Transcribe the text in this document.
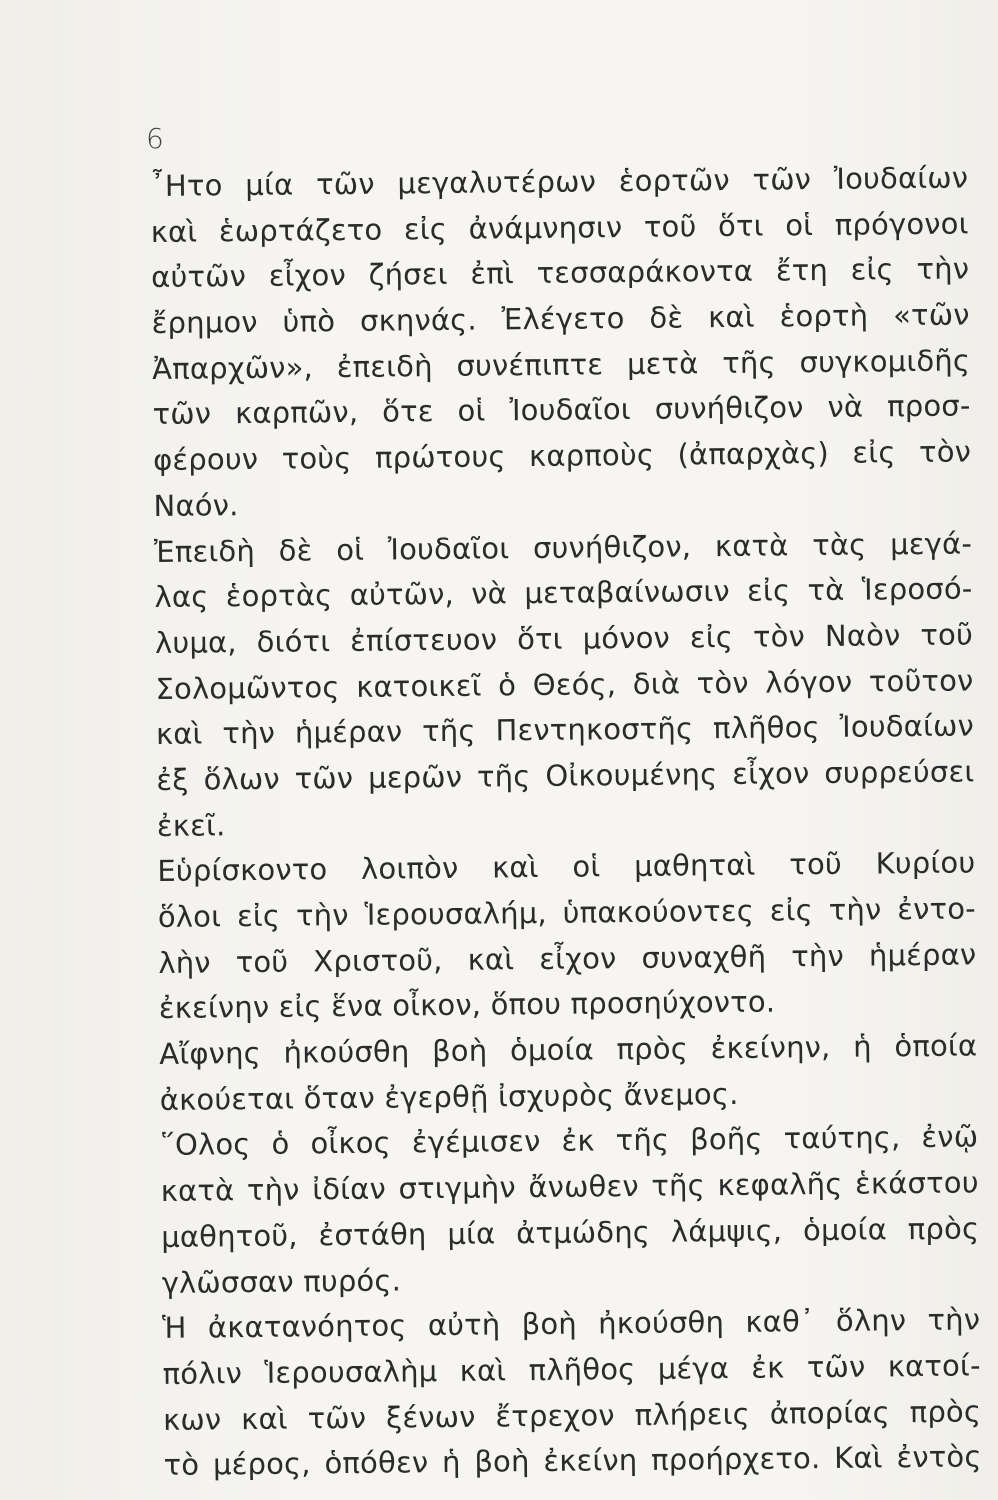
6
῏Ητο μία τῶν μεγαλυτέρων ἑορτῶν τῶν Ἰουδαίων
καὶ ἑωρτάζετο εἰς ἀνάμνησιν τοῦ ὅτι οἱ πρόγονοι
αὐτῶν εἶχον ζήσει ἐπὶ τεσσαράκοντα ἔτη εἰς τὴν
ἔρημον ὑπὸ σκηνάς. Ἐλέγετο δὲ καὶ ἑορτὴ «τῶν
Ἀπαρχῶν», ἐπειδὴ συνέπιπτε μετὰ τῆς συγκομιδῆς
τῶν καρπῶν, ὅτε οἱ Ἰουδαῖοι συνήθιζον νὰ προσ-
φέρουν τοὺς πρώτους καρποὺς (ἀπαρχὰς) εἰς τὸν
Ναόν.
Ἐπειδὴ δὲ οἱ Ἰουδαῖοι συνήθιζον, κατὰ τὰς μεγά-
λας ἑορτὰς αὐτῶν, νὰ μεταβαίνωσιν εἰς τὰ Ἱεροσό-
λυμα, διότι ἐπίστευον ὅτι μόνον εἰς τὸν Ναὸν τοῦ
Σολομῶντος κατοικεῖ ὁ Θεός, διὰ τὸν λόγον τοῦτον
καὶ τὴν ἡμέραν τῆς Πεντηκοστῆς πλῆθος Ἰουδαίων
ἐξ ὅλων τῶν μερῶν τῆς Οἰκουμένης εἶχον συρρεύσει
ἐκεῖ.
Εὑρίσκοντο λοιπὸν καὶ οἱ μαθηταὶ τοῦ Κυρίου
ὅλοι εἰς τὴν Ἱερουσαλήμ, ὑπακούοντες εἰς τὴν ἐντο-
λὴν τοῦ Χριστοῦ, καὶ εἶχον συναχθῆ τὴν ἡμέραν
ἐκείνην εἰς ἕνα οἶκον, ὅπου προσηύχοντο.
Αἴφνης ἠκούσθη βοὴ ὁμοία πρὸς ἐκείνην, ἡ ὁποία
ἀκούεται ὅταν ἐγερθῇ ἰσχυρὸς ἄνεμος.
῞Ολος ὁ οἶκος ἐγέμισεν ἐκ τῆς βοῆς ταύτης, ἐνῷ
κατὰ τὴν ἰδίαν στιγμὴν ἄνωθεν τῆς κεφαλῆς ἑκάστου
μαθητοῦ, ἐστάθη μία ἀτμώδης λάμψις, ὁμοία πρὸς
γλῶσσαν πυρός.
Ἡ ἀκατανόητος αὐτὴ βοὴ ἠκούσθη καθ᾿ ὅλην τὴν
πόλιν Ἱερουσαλὴμ καὶ πλῆθος μέγα ἐκ τῶν κατοί-
κων καὶ τῶν ξένων ἔτρεχον πλήρεις ἀπορίας πρὸς
τὸ μέρος, ὁπόθεν ἡ βοὴ ἐκείνη προήρχετο. Καὶ ἐντὸς
